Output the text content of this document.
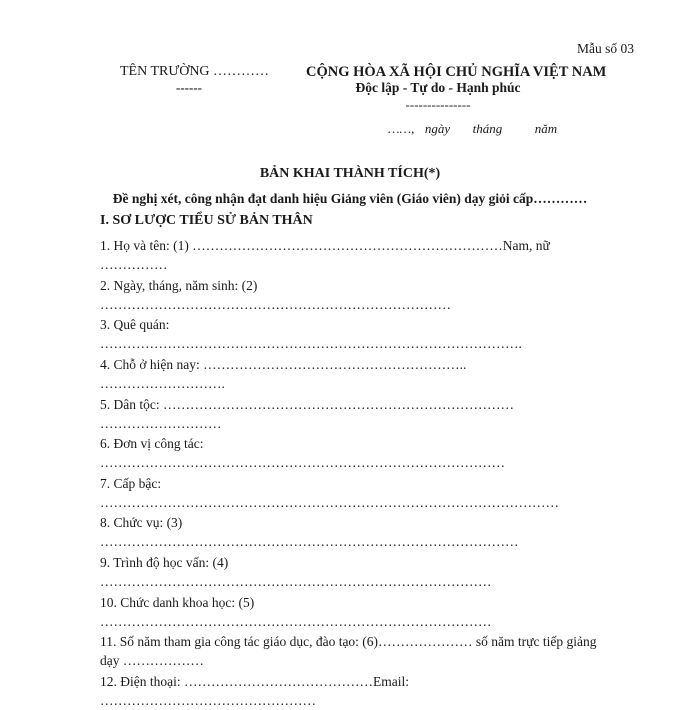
Mẫu số 03
TÊN TRƯỜNG …………
------
CỘNG HÒA XÃ HỘI CHỦ NGHĨA VIỆT NAM
Độc lập - Tự do - Hạnh phúc
---------------
……, ngày tháng	năm
BẢN KHAI THÀNH TÍCH(*)
Đề nghị xét, công nhận đạt danh hiệu Giảng viên (Giáo viên) dạy giỏi cấp…………
I. SƠ LƯỢC TIỂU SỬ BẢN THÂN
1. Họ và tên: (1) ……………………………………………………………Nam, nữ
……………
2. Ngày, tháng, năm sinh: (2)
……………………………………………………………………
3. Quê quán:
………………………………………………………………………………….
4. Chỗ ở hiện nay: …………………………………………………..
……………………….
5. Dân tộc: ……………………………………………………………………
………………………
6. Đơn vị công tác:
………………………………………………………………………………
7. Cấp bậc:
…………………………………………………………………………………………
8. Chức vụ: (3)
…………………………………………………………………………………
9. Trình độ học vấn: (4)
……………………………………………………………………………
10. Chức danh khoa học: (5)
……………………………………………………………………………
11. Số năm tham gia công tác giáo dục, đào tạo: (6)………………… số năm trực tiếp giảng
dạy ………………
12. Điện thoại: ……………………………………Email:
…………………………………………
